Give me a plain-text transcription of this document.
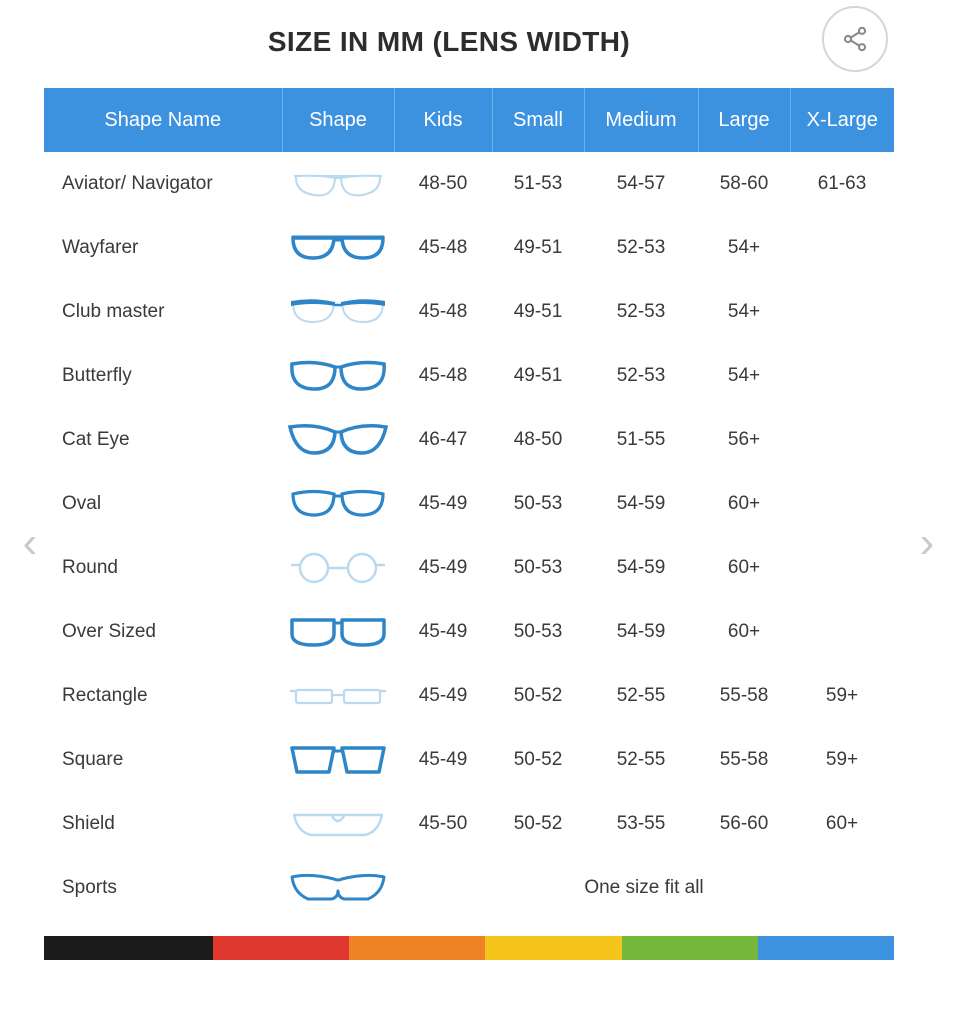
‹	›
SIZE IN MM (LENS WIDTH)
Shape Name	Shape	Kids	Small	Medium	Large	X-Large
Aviator/ Navigator		48-50	51-53	54-57	58-60	61-63
Wayfarer		45-48	49-51	52-53	54+	
Club master		45-48	49-51	52-53	54+	
Butterfly		45-48	49-51	52-53	54+	
Cat Eye		46-47	48-50	51-55	56+	
Oval		45-49	50-53	54-59	60+	
Round		45-49	50-53	54-59	60+	
Over Sized		45-49	50-53	54-59	60+	
Rectangle		45-49	50-52	52-55	55-58	59+
Square		45-49	50-52	52-55	55-58	59+
Shield		45-50	50-52	53-55	56-60	60+
Sports		One size fit all				
